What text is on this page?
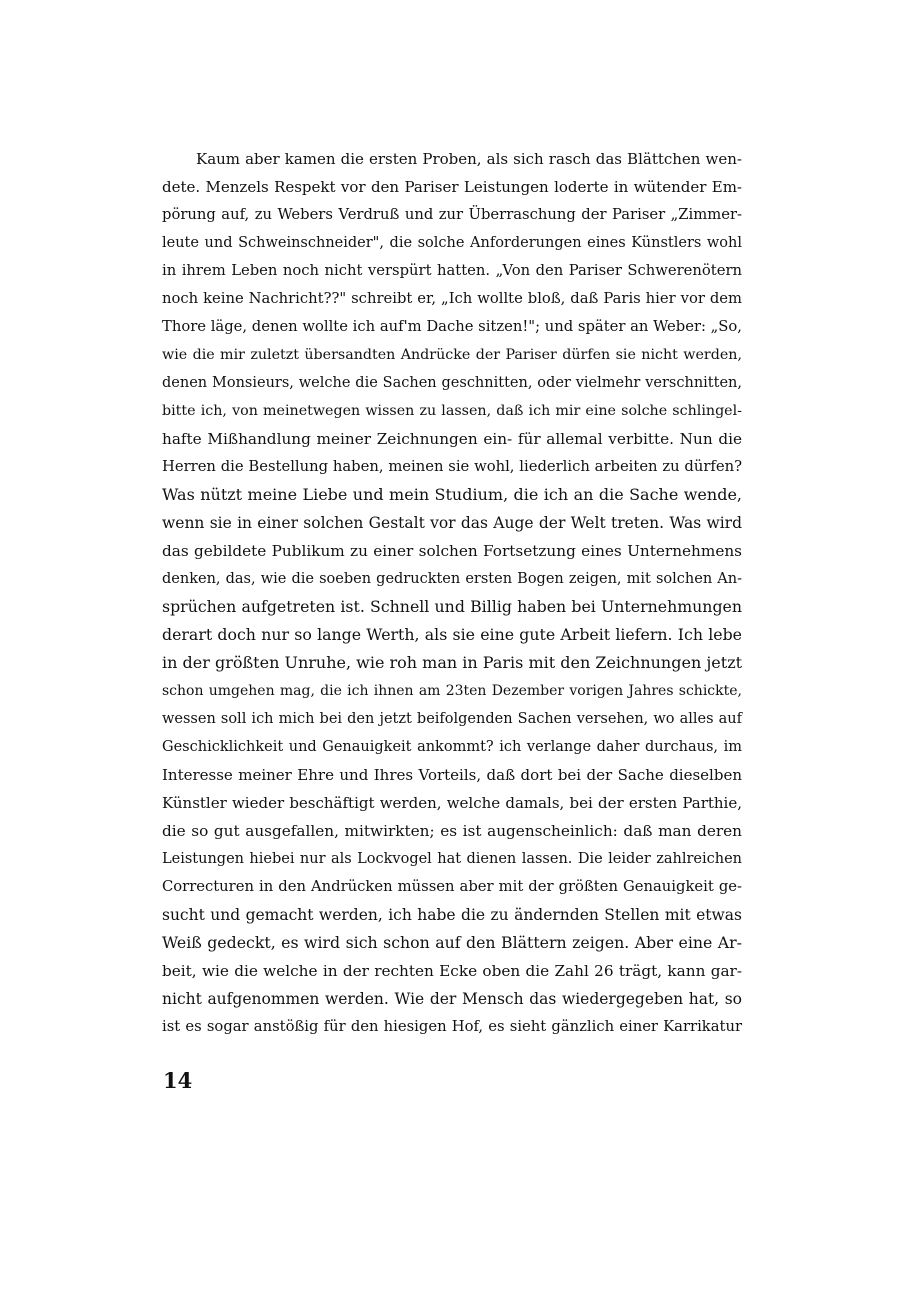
Kaum aber kamen die ersten Proben, als sich rasch das Blättchen wen-
dete. Menzels Respekt vor den Pariser Leistungen loderte in wütender Em-
pörung auf, zu Webers Verdruß und zur Überraschung der Pariser „Zimmer-
leute und Schweinschneider", die solche Anforderungen eines Künstlers wohl
in ihrem Leben noch nicht verspürt hatten. „Von den Pariser Schwerenötern
noch keine Nachricht??" schreibt er, „Ich wollte bloß, daß Paris hier vor dem
Thore läge, denen wollte ich auf'm Dache sitzen!"; und später an Weber: „So,
wie die mir zuletzt übersandten Andrücke der Pariser dürfen sie nicht werden,
denen Monsieurs, welche die Sachen geschnitten, oder vielmehr verschnitten,
bitte ich, von meinetwegen wissen zu lassen, daß ich mir eine solche schlingel-
hafte Mißhandlung meiner Zeichnungen ein- für allemal verbitte. Nun die
Herren die Bestellung haben, meinen sie wohl, liederlich arbeiten zu dürfen?
Was nützt meine Liebe und mein Studium, die ich an die Sache wende,
wenn sie in einer solchen Gestalt vor das Auge der Welt treten. Was wird
das gebildete Publikum zu einer solchen Fortsetzung eines Unternehmens
denken, das, wie die soeben gedruckten ersten Bogen zeigen, mit solchen An-
sprüchen aufgetreten ist. Schnell und Billig haben bei Unternehmungen
derart doch nur so lange Werth, als sie eine gute Arbeit liefern. Ich lebe
in der größten Unruhe, wie roh man in Paris mit den Zeichnungen jetzt
schon umgehen mag, die ich ihnen am 23ten Dezember vorigen Jahres schickte,
wessen soll ich mich bei den jetzt beifolgenden Sachen versehen, wo alles auf
Geschicklichkeit und Genauigkeit ankommt? ich verlange daher durchaus, im
Interesse meiner Ehre und Ihres Vorteils, daß dort bei der Sache dieselben
Künstler wieder beschäftigt werden, welche damals, bei der ersten Parthie,
die so gut ausgefallen, mitwirkten; es ist augenscheinlich: daß man deren
Leistungen hiebei nur als Lockvogel hat dienen lassen. Die leider zahlreichen
Correcturen in den Andrücken müssen aber mit der größten Genauigkeit ge-
sucht und gemacht werden, ich habe die zu ändernden Stellen mit etwas
Weiß gedeckt, es wird sich schon auf den Blättern zeigen. Aber eine Ar-
beit, wie die welche in der rechten Ecke oben die Zahl 26 trägt, kann gar-
nicht aufgenommen werden. Wie der Mensch das wiedergegeben hat, so
ist es sogar anstößig für den hiesigen Hof, es sieht gänzlich einer Karrikatur
14
